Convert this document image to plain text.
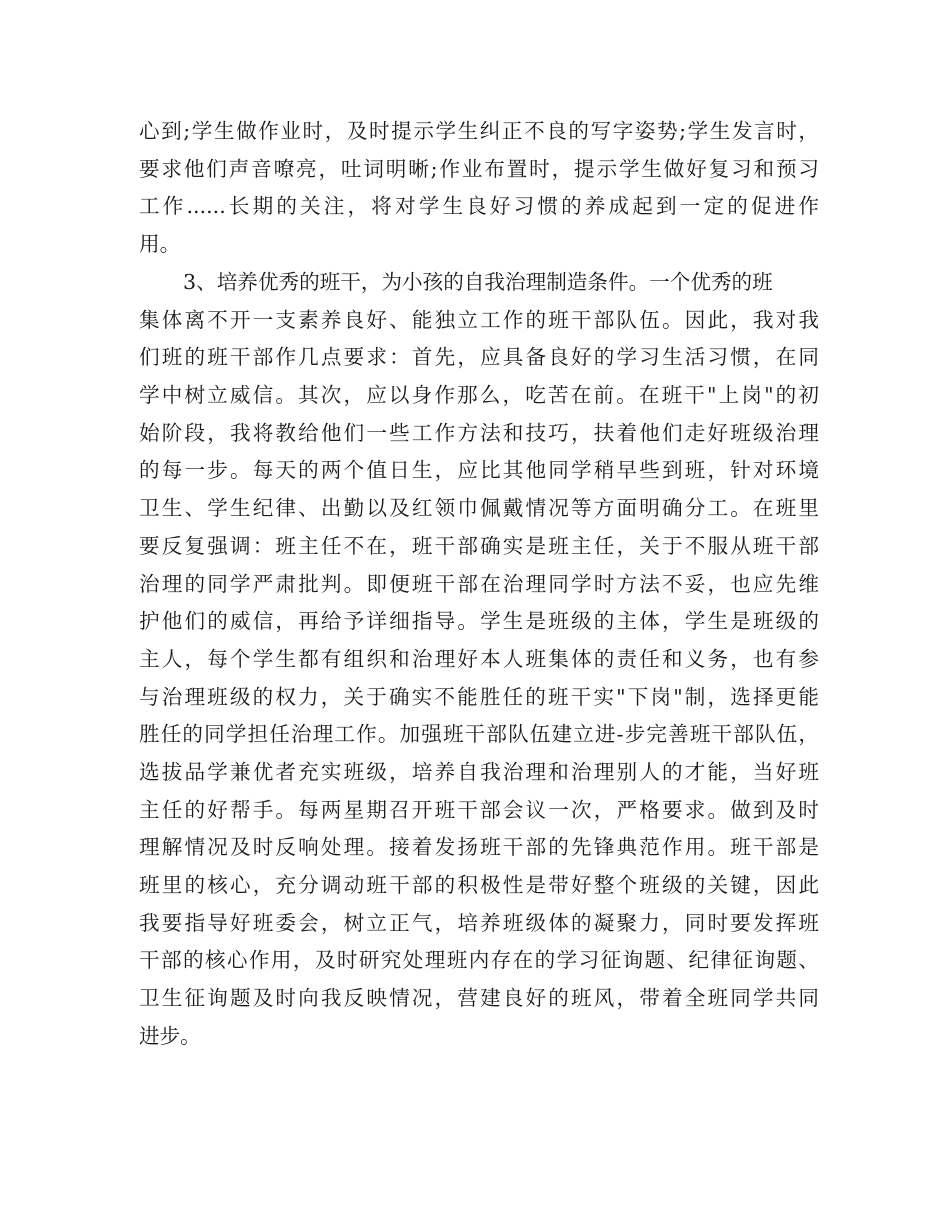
心到;学生做作业时，及时提示学生纠正不良的写字姿势;学生发言时，
要求他们声音嘹亮，吐词明晰;作业布置时，提示学生做好复习和预习
工作......长期的关注，将对学生良好习惯的养成起到一定的促进作
用。
3、培养优秀的班干，为小孩的自我治理制造条件。一个优秀的班
集体离不开一支素养良好、能独立工作的班干部队伍。因此，我对我
们班的班干部作几点要求：首先，应具备良好的学习生活习惯，在同
学中树立威信。其次，应以身作那么，吃苦在前。在班干"上岗"的初
始阶段，我将教给他们一些工作方法和技巧，扶着他们走好班级治理
的每一步。每天的两个值日生，应比其他同学稍早些到班，针对环境
卫生、学生纪律、出勤以及红领巾佩戴情况等方面明确分工。在班里
要反复强调：班主任不在，班干部确实是班主任，关于不服从班干部
治理的同学严肃批判。即便班干部在治理同学时方法不妥，也应先维
护他们的威信，再给予详细指导。学生是班级的主体，学生是班级的
主人，每个学生都有组织和治理好本人班集体的责任和义务，也有参
与治理班级的权力，关于确实不能胜任的班干实"下岗"制，选择更能
胜任的同学担任治理工作。加强班干部队伍建立进-步完善班干部队伍，
选拔品学兼优者充实班级，培养自我治理和治理别人的才能，当好班
主任的好帮手。每两星期召开班干部会议一次，严格要求。做到及时
理解情况及时反响处理。接着发扬班干部的先锋典范作用。班干部是
班里的核心，充分调动班干部的积极性是带好整个班级的关键，因此
我要指导好班委会，树立正气，培养班级体的凝聚力，同时要发挥班
干部的核心作用，及时研究处理班内存在的学习征询题、纪律征询题、
卫生征询题及时向我反映情况，营建良好的班风，带着全班同学共同
进步。
